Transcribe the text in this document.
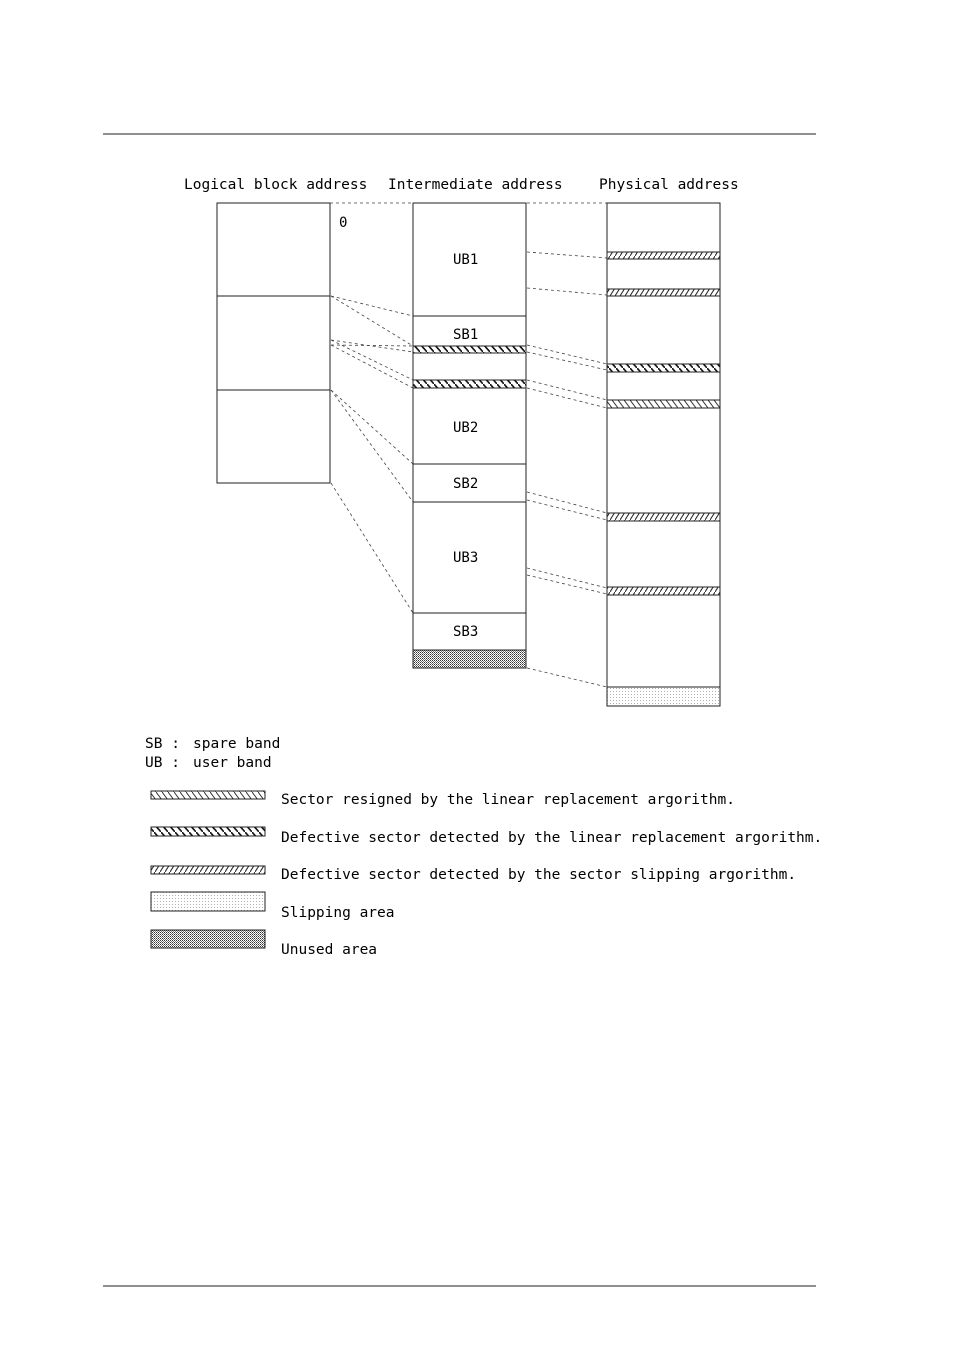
Logical block address Intermediate address	Physical address
0
UB1
SB1
UB2
SB2
UB3
SB3
SB : spare band
UB : user band
Sector resigned by the linear replacement argorithm.
Defective sector detected by the linear replacement argorithm.
Defective sector detected by the sector slipping argorithm.
Slipping area
Unused area
